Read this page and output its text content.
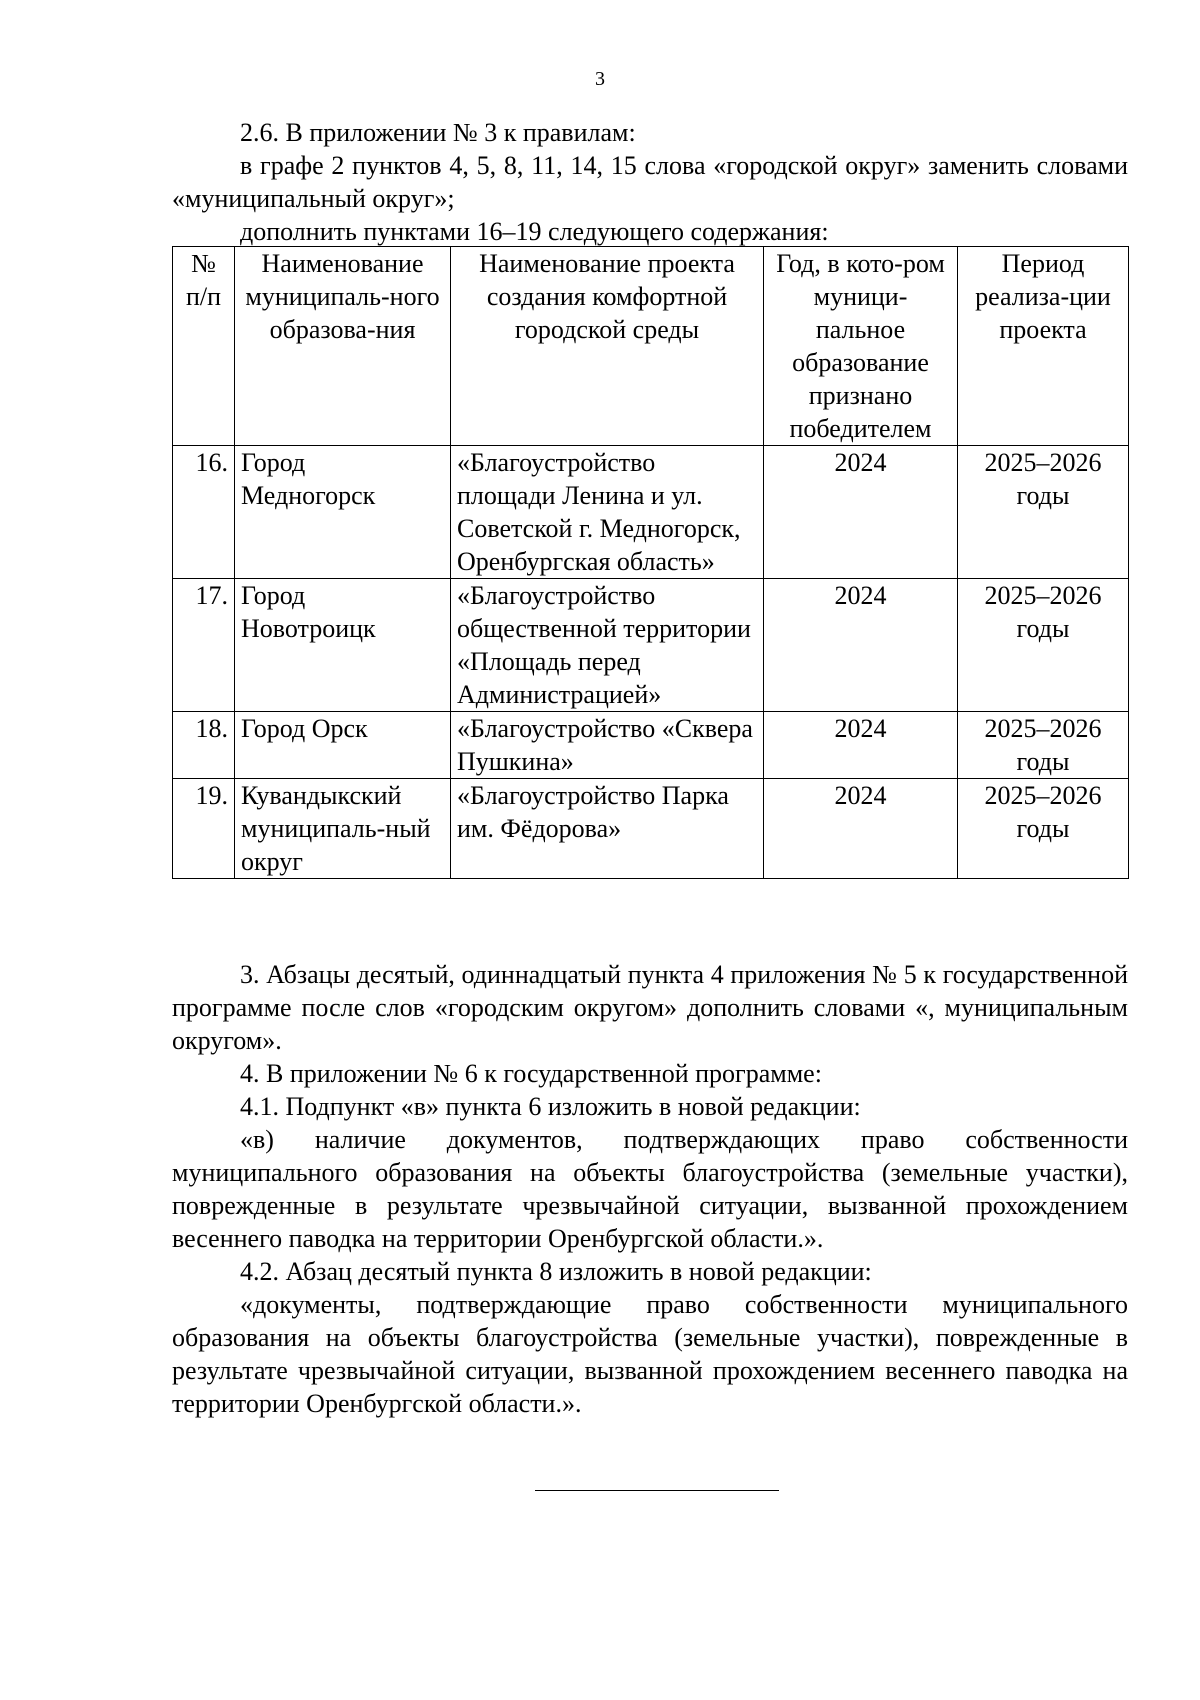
3

2.6. В приложении № 3 к правилам:

в графе 2 пунктов 4, 5, 8, 11, 14, 15 слова «городской округ» заменить словами «муниципальный округ»;

дополнить пунктами 16–19 следующего содержания:

№ п/п	Наименование муниципаль-ного образова-ния	Наименование проекта создания комфортной городской среды	Год, в кото-ром муници-пальное образование признано победителем	Период реализа-ции проекта
16.	Город Медногорск	«Благоустройство площади Ленина и ул. Советской г. Медногорск, Оренбургская область»	2024	2025–2026 годы
17.	Город Новотроицк	«Благоустройство общественной территории «Площадь перед Администрацией»	2024	2025–2026 годы
18.	Город Орск	«Благоустройство «Сквера Пушкина»	2024	2025–2026 годы
19.	Кувандыкский муниципаль-ный округ	«Благоустройство Парка им. Фёдорова»	2024	2025–2026 годы

3. Абзацы десятый, одиннадцатый пункта 4 приложения № 5 к государственной программе после слов «городским округом» дополнить словами «, муниципальным округом».

4. В приложении № 6 к государственной программе:

4.1. Подпункт «в» пункта 6 изложить в новой редакции:

«в) наличие документов, подтверждающих право собственности муниципального образования на объекты благоустройства (земельные участки), поврежденные в результате чрезвычайной ситуации, вызванной прохождением весеннего паводка на территории Оренбургской области.».

4.2. Абзац десятый пункта 8 изложить в новой редакции:

«документы, подтверждающие право собственности муниципального образования на объекты благоустройства (земельные участки), поврежденные в результате чрезвычайной ситуации, вызванной прохождением весеннего паводка на территории Оренбургской области.».
